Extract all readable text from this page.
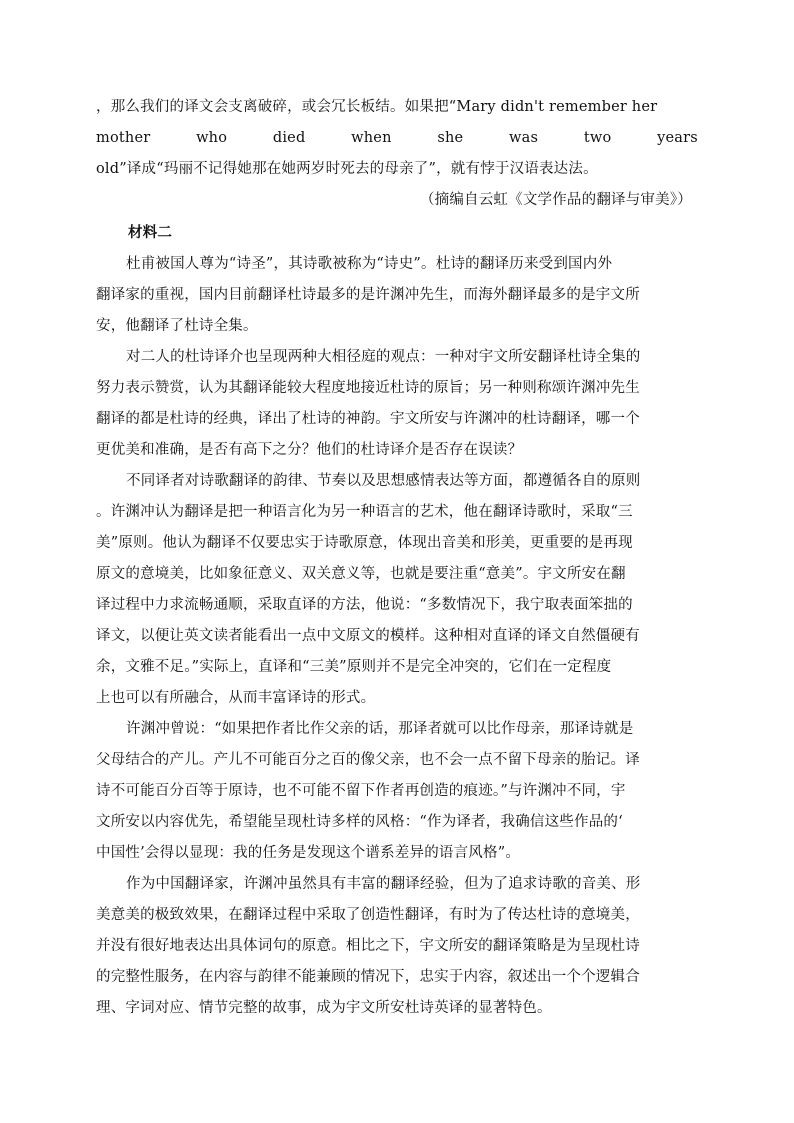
，那么我们的译文会支离破碎，或会冗长板结。如果把“Mary didn't remember her
mother	who	died	when	she	was	two	years
old”译成“玛丽不记得她那在她两岁时死去的母亲了”，就有悖于汉语表达法。
（摘编自云虹《文学作品的翻译与审美》）
材料二
杜甫被国人尊为“诗圣”，其诗歌被称为“诗史”。杜诗的翻译历来受到国内外
翻译家的重视，国内目前翻译杜诗最多的是许渊冲先生，而海外翻译最多的是宇文所
安，他翻译了杜诗全集。
对二人的杜诗译介也呈现两种大相径庭的观点：一种对宇文所安翻译杜诗全集的
努力表示赞赏，认为其翻译能较大程度地接近杜诗的原旨；另一种则称颂许渊冲先生
翻译的都是杜诗的经典，译出了杜诗的神韵。宇文所安与许渊冲的杜诗翻译，哪一个
更优美和准确，是否有高下之分？他们的杜诗译介是否存在误读？
不同译者对诗歌翻译的韵律、节奏以及思想感情表达等方面，都遵循各自的原则
。许渊冲认为翻译是把一种语言化为另一种语言的艺术，他在翻译诗歌时，采取“三
美”原则。他认为翻译不仅要忠实于诗歌原意，体现出音美和形美，更重要的是再现
原文的意境美，比如象征意义、双关意义等，也就是要注重“意美”。宇文所安在翻
译过程中力求流畅通顺，采取直译的方法，他说：“多数情况下，我宁取表面笨拙的
译文，以便让英文读者能看出一点中文原文的模样。这种相对直译的译文自然僵硬有
余，文雅不足。”实际上，直译和“三美”原则并不是完全冲突的，它们在一定程度
上也可以有所融合，从而丰富译诗的形式。
许渊冲曾说：“如果把作者比作父亲的话，那译者就可以比作母亲，那译诗就是
父母结合的产儿。产儿不可能百分之百的像父亲，也不会一点不留下母亲的胎记。译
诗不可能百分百等于原诗，也不可能不留下作者再创造的痕迹。”与许渊冲不同，宇
文所安以内容优先，希望能呈现杜诗多样的风格：“作为译者，我确信这些作品的‘
中国性’会得以显现：我的任务是发现这个谱系差异的语言风格”。
作为中国翻译家，许渊冲虽然具有丰富的翻译经验，但为了追求诗歌的音美、形
美意美的极致效果，在翻译过程中采取了创造性翻译，有时为了传达杜诗的意境美，
并没有很好地表达出具体词句的原意。相比之下，宇文所安的翻译策略是为呈现杜诗
的完整性服务，在内容与韵律不能兼顾的情况下，忠实于内容，叙述出一个个逻辑合
理、字词对应、情节完整的故事，成为宇文所安杜诗英译的显著特色。
